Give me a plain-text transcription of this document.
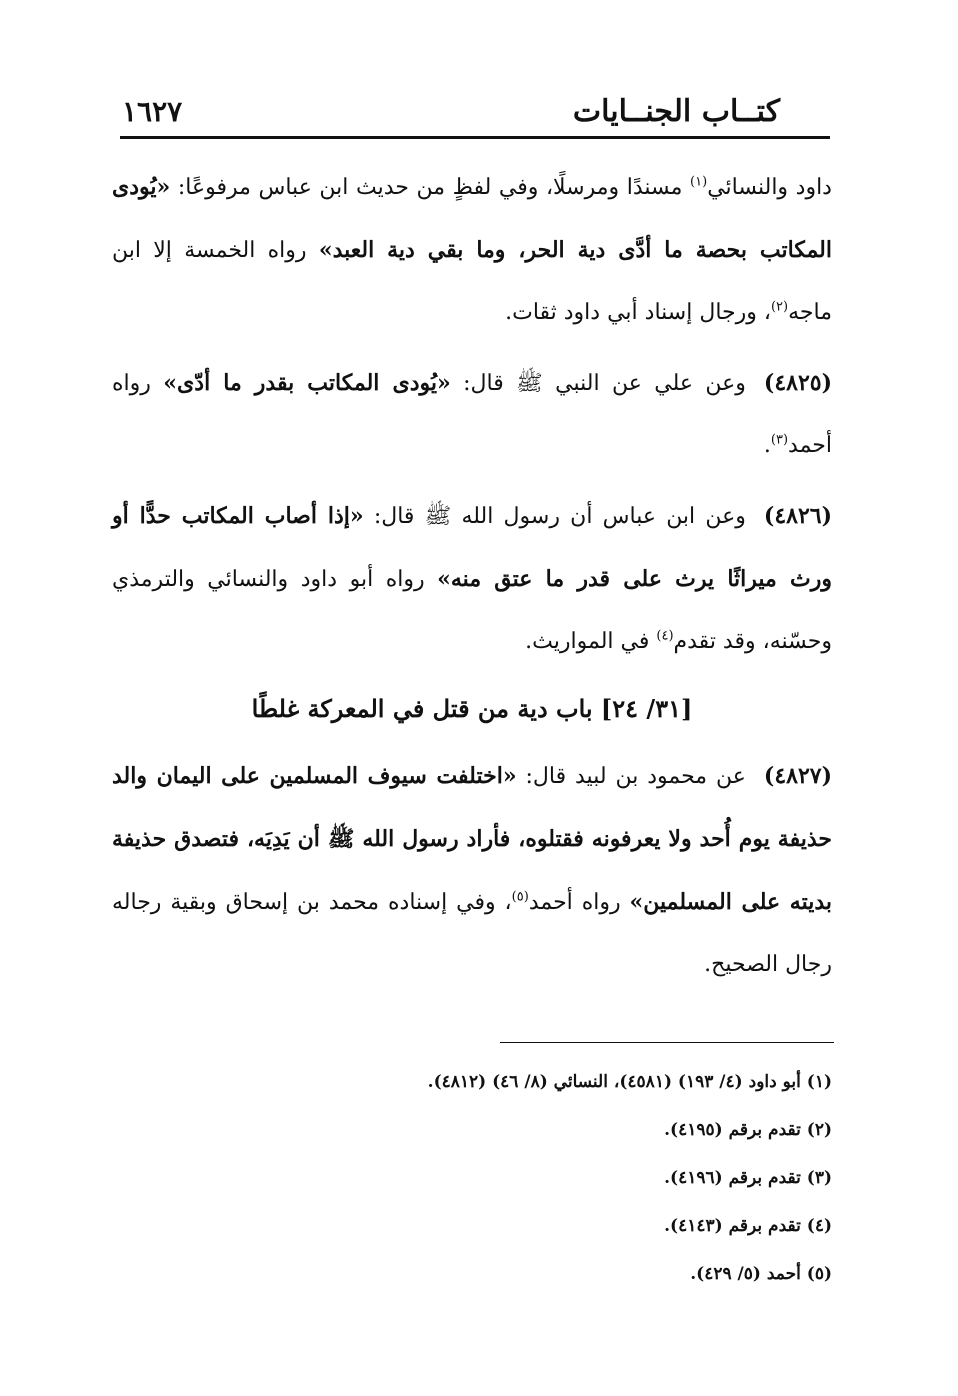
كتــاب الجنــايات
١٦٢٧

داود والنسائي$^{(١)}$ مسندًا ومرسلًا، وفي لفظٍ من حديث ابن عباس مرفوعًا: «يُودى المكاتب بحصة ما أدَّى دية الحر، وما بقي دية العبد» رواه الخمسة إلا ابن ماجه$^{(٢)}$، ورجال إسناد أبي داود ثقات.

(٤٨٢٥)وعن علي عن النبي ﷺ قال: «يُودى المكاتب بقدر ما أدّى» رواه أحمد$^{(٣)}$.

(٤٨٢٦)وعن ابن عباس أن رسول الله ﷺ قال: «إذا أصاب المكاتب حدًّا أو ورث ميراثًا يرث على قدر ما عتق منه» رواه أبو داود والنسائي والترمذي وحسّنه، وقد تقدم$^{(٤)}$ في المواريث.

[٣١/ ٢٤] باب دية من قتل في المعركة غلطًا

(٤٨٢٧)عن محمود بن لبيد قال: «اختلفت سيوف المسلمين على اليمان والد حذيفة يوم أُحد ولا يعرفونه فقتلوه، فأراد رسول الله ﷺ أن يَدِيَه، فتصدق حذيفة بديته على المسلمين» رواه أحمد$^{(٥)}$، وفي إسناده محمد بن إسحاق وبقية رجاله رجال الصحيح.

(١) أبو داود (٤/ ١٩٣) (٤٥٨١)، النسائي (٨/ ٤٦) (٤٨١٢).
(٢) تقدم برقم (٤١٩٥).
(٣) تقدم برقم (٤١٩٦).
(٤) تقدم برقم (٤١٤٣).
(٥) أحمد (٥/ ٤٢٩).
